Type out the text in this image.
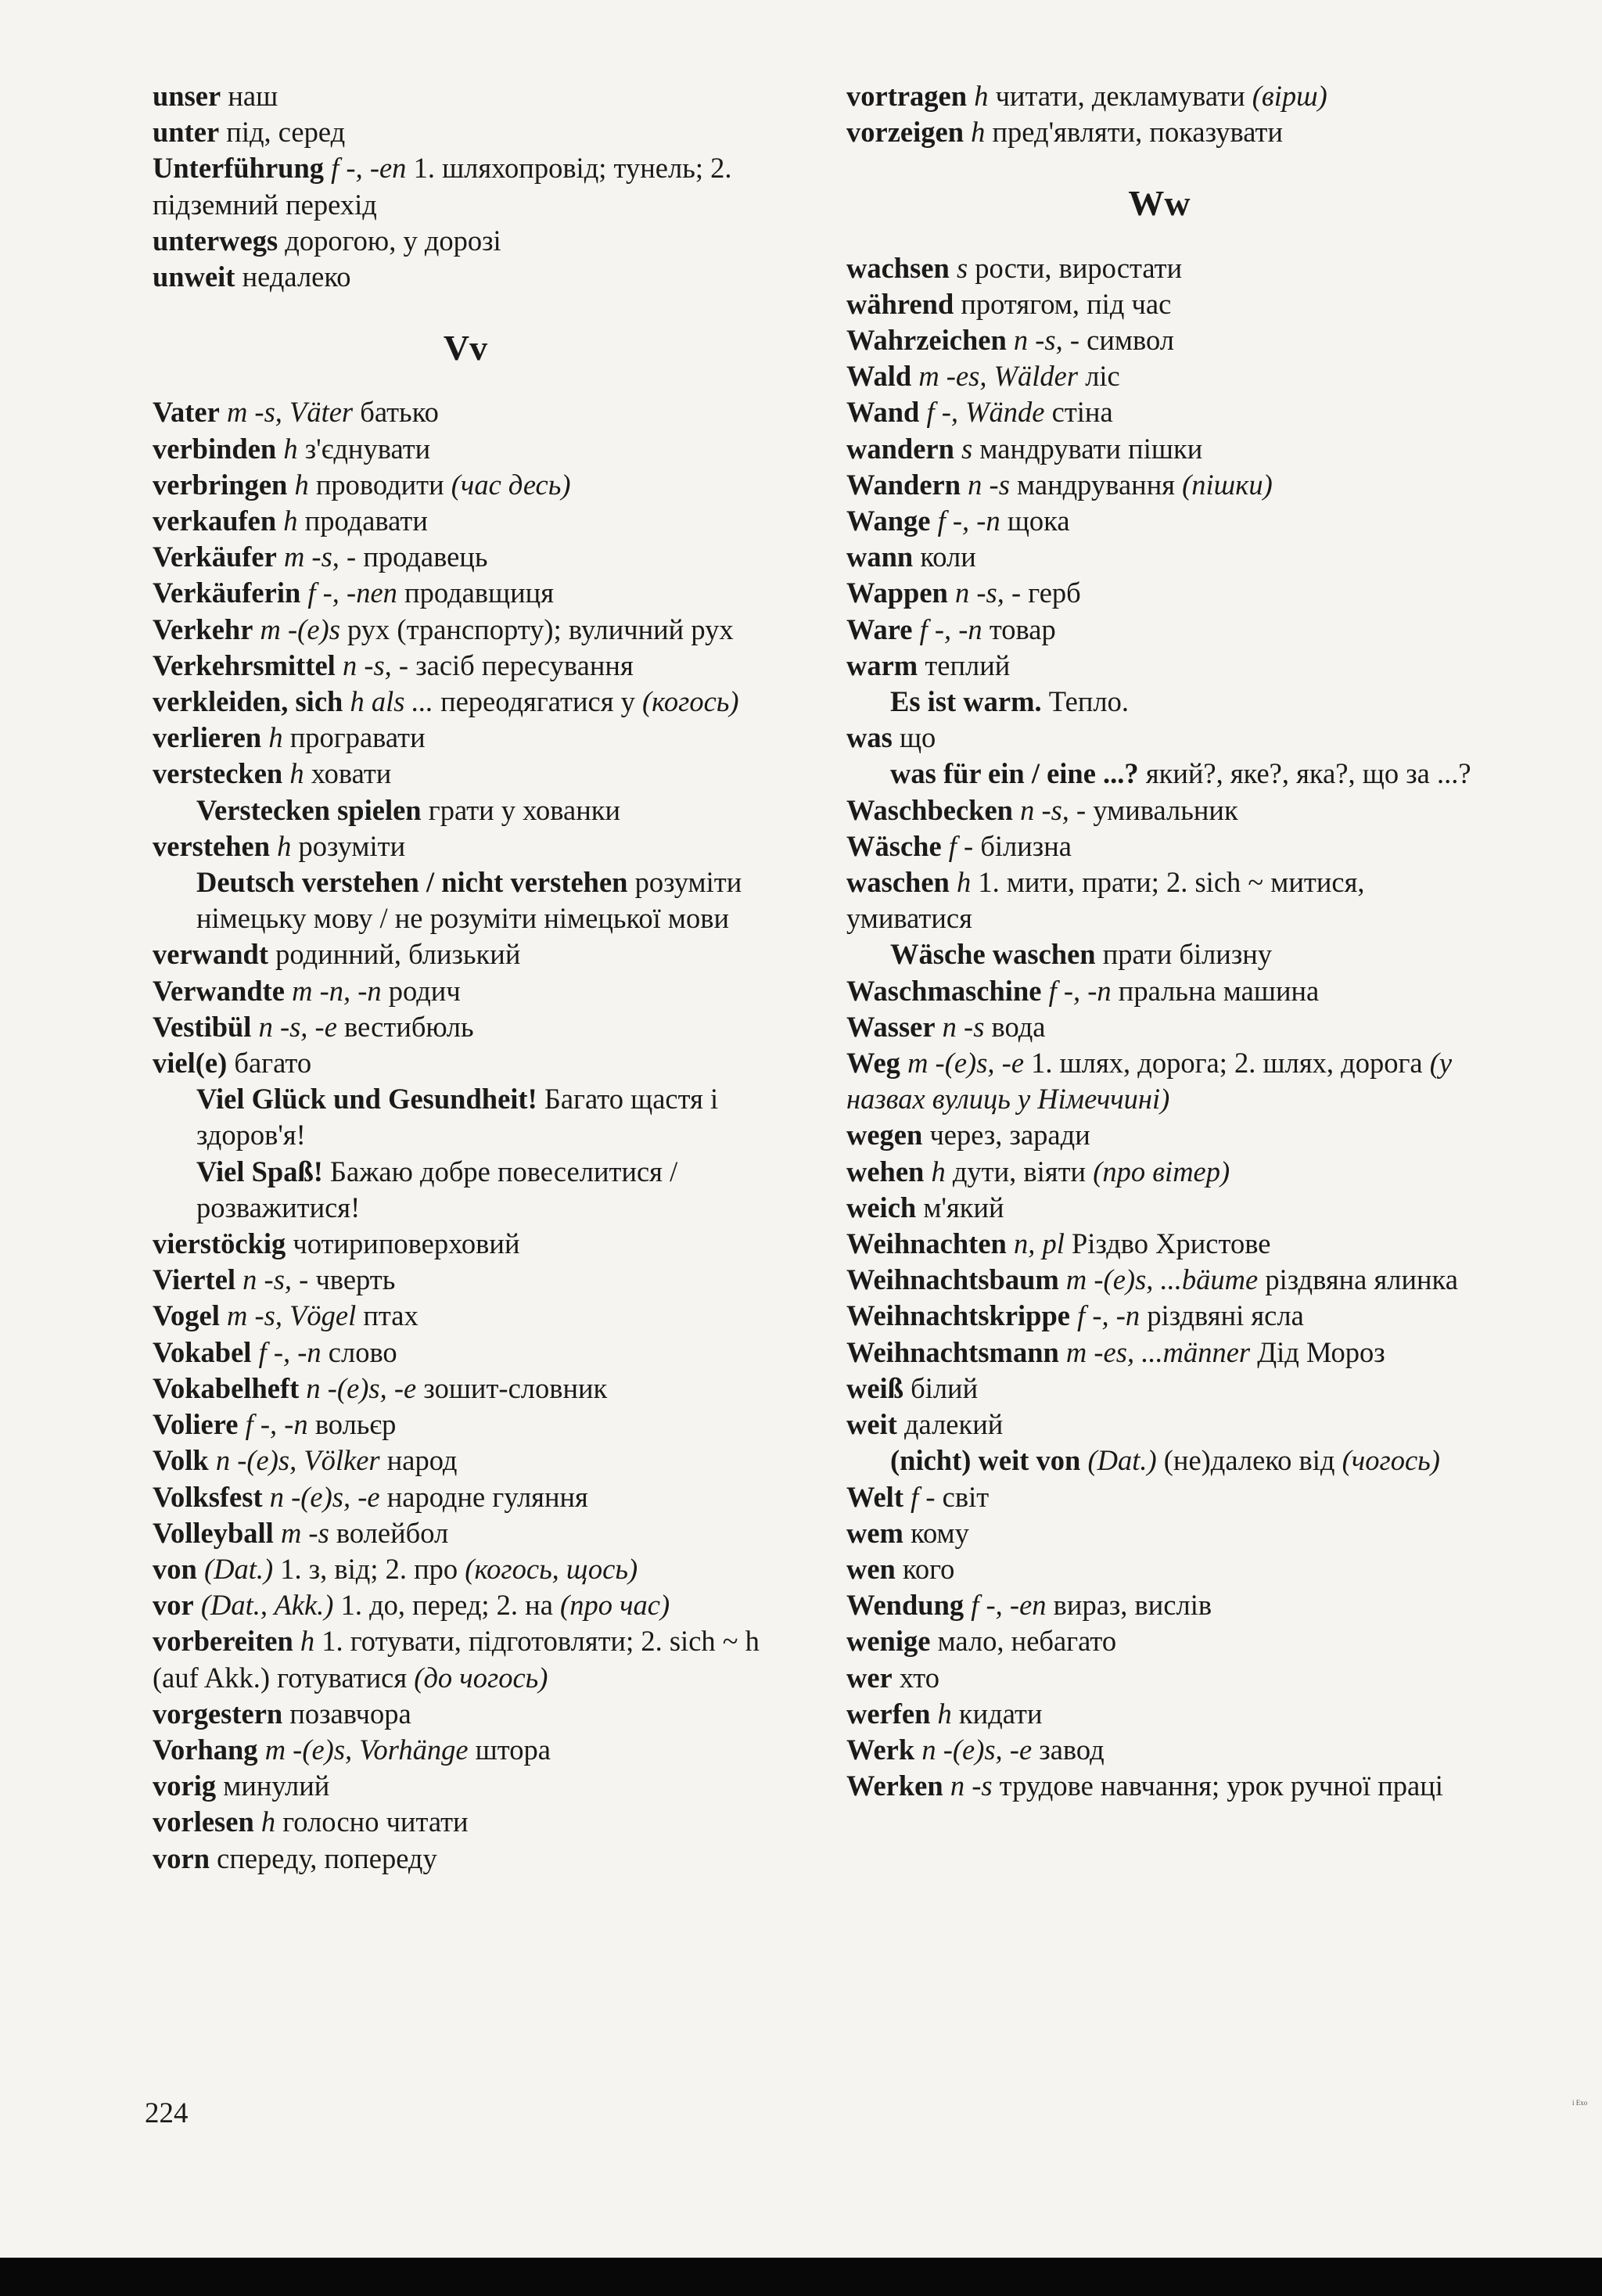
unser наш

unter під, серед

Unterführung f -, -en 1. шляхопровід; тунель; 2. підземний перехід

unterwegs дорогою, у дорозі

unweit недалеко

Vv

Vater m -s, Väter батько

verbinden h з'єднувати

verbringen h проводити (час десь)

verkaufen h продавати

Verkäufer m -s, - продавець

Verkäuferin f -, -nen продавщиця

Verkehr m -(e)s рух (транспорту); вуличний рух

Verkehrsmittel n -s, - засіб пересування

verkleiden, sich h als ... переодягатися у (когось)

verlieren h програвати

verstecken h ховати

Verstecken spielen грати у хованки

verstehen h розуміти

Deutsch verstehen / nicht verstehen розуміти німецьку мову / не розуміти німецької мови

verwandt родинний, близький

Verwandte m -n, -n родич

Vestibül n -s, -e вестибюль

viel(e) багато

Viel Glück und Gesundheit! Багато щастя і здоров'я!

Viel Spaß! Бажаю добре повеселитися / розважитися!

vierstöckig чотириповерховий

Viertel n -s, - чверть

Vogel m -s, Vögel птах

Vokabel f -, -n слово

Vokabelheft n -(e)s, -e зошит-словник

Voliere f -, -n вольєр

Volk n -(e)s, Völker народ

Volksfest n -(e)s, -e народне гуляння

Volleyball m -s волейбол

von (Dat.) 1. з, від; 2. про (когось, щось)

vor (Dat., Akk.) 1. до, перед; 2. на (про час)

vorbereiten h 1. готувати, підготовляти; 2. sich ~ h (auf Akk.) готуватися (до чогось)

vorgestern позавчора

Vorhang m -(e)s, Vorhänge штора

vorig минулий

vorlesen h голосно читати

vorn спереду, попереду

vortragen h читати, декламувати (вірш)

vorzeigen h пред'являти, показувати

Ww

wachsen s рости, виростати

während протягом, під час

Wahrzeichen n -s, - символ

Wald m -es, Wälder ліс

Wand f -, Wände стіна

wandern s мандрувати пішки

Wandern n -s мандрування (пішки)

Wange f -, -n щока

wann коли

Wappen n -s, - герб

Ware f -, -n товар

warm теплий

Es ist warm. Тепло.

was що

was für ein / eine ...? який?, яке?, яка?, що за ...?

Waschbecken n -s, - умивальник

Wäsche f - білизна

waschen h 1. мити, прати; 2. sich ~ митися, умиватися

Wäsche waschen прати білизну

Waschmaschine f -, -n пральна машина

Wasser n -s вода

Weg m -(e)s, -e 1. шлях, дорога; 2. шлях, дорога (у назвах вулиць у Німеччині)

wegen через, заради

wehen h дути, віяти (про вітер)

weich м'який

Weihnachten n, pl Різдво Христове

Weihnachtsbaum m -(e)s, ...bäume різдвяна ялинка

Weihnachtskrippe f -, -n різдвяні ясла

Weihnachtsmann m -es, ...männer Дід Мороз

weiß білий

weit далекий

(nicht) weit von (Dat.) (не)далеко від (чогось)

Welt f - світ

wem кому

wen кого

Wendung f -, -en вираз, вислів

wenige мало, небагато

wer хто

werfen h кидати

Werk n -(e)s, -e завод

Werken n -s трудове навчання; урок ручної праці

224	i Exo
